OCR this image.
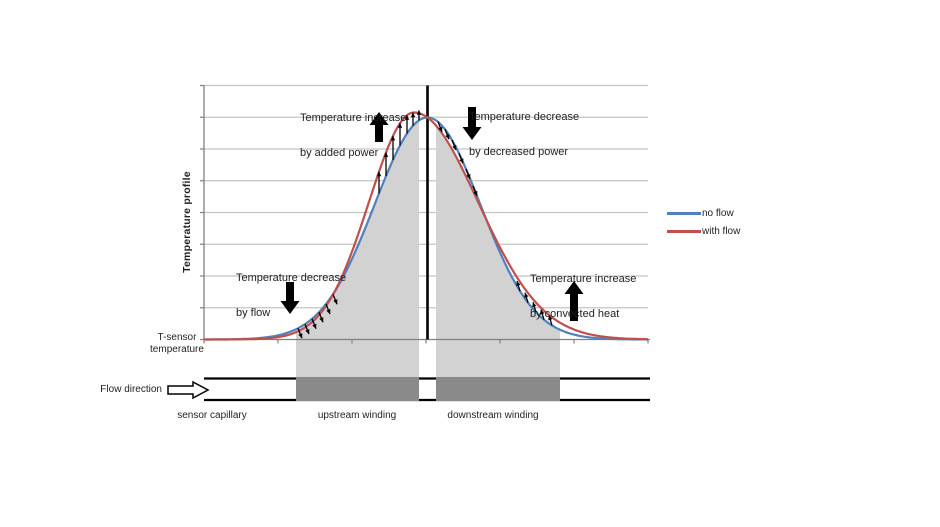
Temperature profile

Temperature increase

by added power

Temperature decrease

by decreased power

Temperature decrease

by flow

Temperature increase

by convected heat

no flow
with flow
T-sensor
temperature
Flow direction
sensor capillary	upstream winding	downstream winding
